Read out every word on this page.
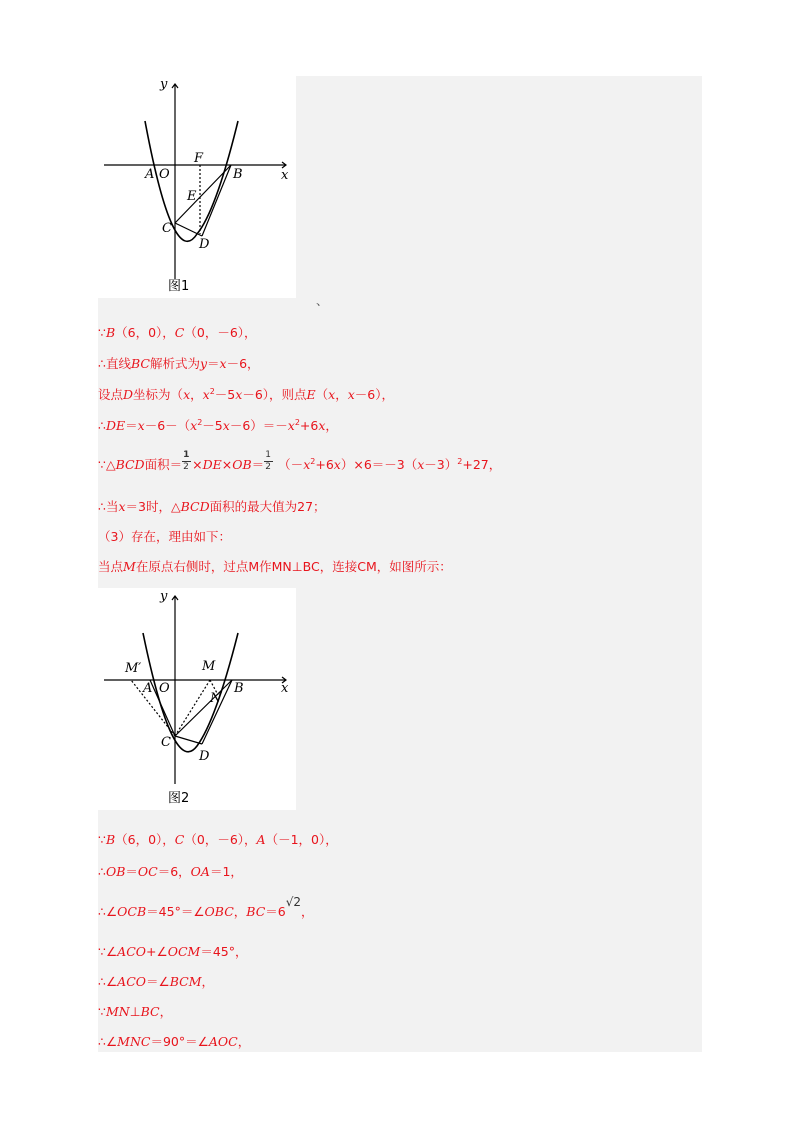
y
x
A O
F
B
E
C
D
图1
、
∵B（6，0），C（0，－6），
∴直线BC解析式为y＝x－6，
设点D坐标为（x，$x^2-5x-6$），则点E（x，x－6），
$\therefore DE=x-6-(x^2-5x-6)=-x^2+6x$，
∵△BCD面积＝ $\frac{1}{2} \times DE\times OB= \frac{1}{2} (-x^2+6x)\times 6=-3(x-3)^2+27$，
∴当x＝3时，△BCD面积的最大值为27；
（3）存在，理由如下：
当点M在原点右侧时，过点M作MN⊥BC，连接CM，如图所示：
y
x
M′	M
A O	B
N
C
D
图2
∵B（6，0），C（0，－6），A（－1，0），
∴OB＝OC＝6，OA＝1，
∴∠OCB＝45°＝∠OBC，BC＝6√2，
∵∠ACO+∠OCM＝45°，
∴∠ACO＝∠BCM，
∵MN⊥BC，
∴∠MNC＝90°＝∠AOC，
